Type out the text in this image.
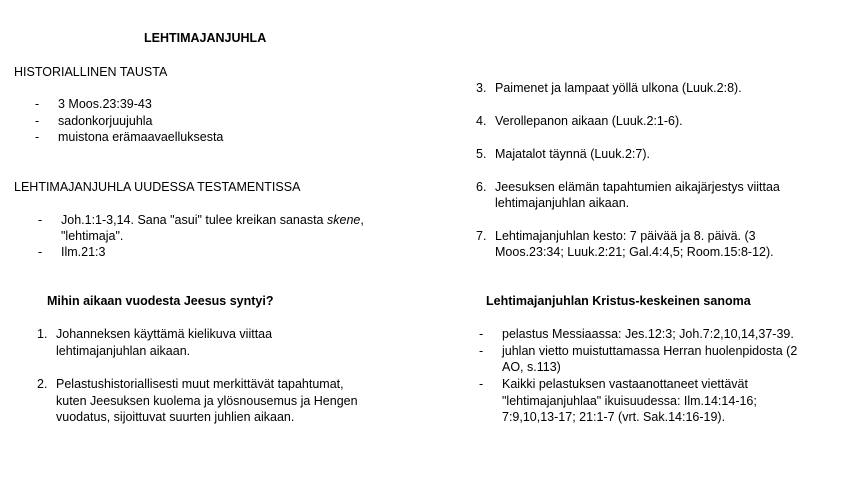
LEHTIMAJANJUHLA
HISTORIALLINEN TAUSTA
- 3 Moos.23:39-43
- sadonkorjuujuhla
- muistona erämaavaelluksesta
LEHTIMAJANJUHLA UUDESSA TESTAMENTISSA
- Joh.1:1-3,14. Sana "asui" tulee kreikan sanasta skene,
"lehtimaja".
- Ilm.21:3
Mihin aikaan vuodesta Jeesus syntyi?
1. Johanneksen käyttämä kielikuva viittaa
lehtimajanjuhlan aikaan.
2. Pelastushistoriallisesti muut merkittävät tapahtumat,
kuten Jeesuksen kuolema ja ylösnousemus ja Hengen
vuodatus, sijoittuvat suurten juhlien aikaan.
3. Paimenet ja lampaat yöllä ulkona (Luuk.2:8).
4. Verollepanon aikaan (Luuk.2:1-6).
5. Majatalot täynnä (Luuk.2:7).
6. Jeesuksen elämän tapahtumien aikajärjestys viittaa
lehtimajanjuhlan aikaan.
7. Lehtimajanjuhlan kesto: 7 päivää ja 8. päivä. (3
Moos.23:34; Luuk.2:21; Gal.4:4,5; Room.15:8-12).
Lehtimajanjuhlan Kristus-keskeinen sanoma
- pelastus Messiaassa: Jes.12:3; Joh.7:2,10,14,37-39.
- juhlan vietto muistuttamassa Herran huolenpidosta (2
AO, s.113)
- Kaikki pelastuksen vastaanottaneet viettävät
"lehtimajanjuhlaa" ikuisuudessa: Ilm.14:14-16;
7:9,10,13-17; 21:1-7 (vrt. Sak.14:16-19).
